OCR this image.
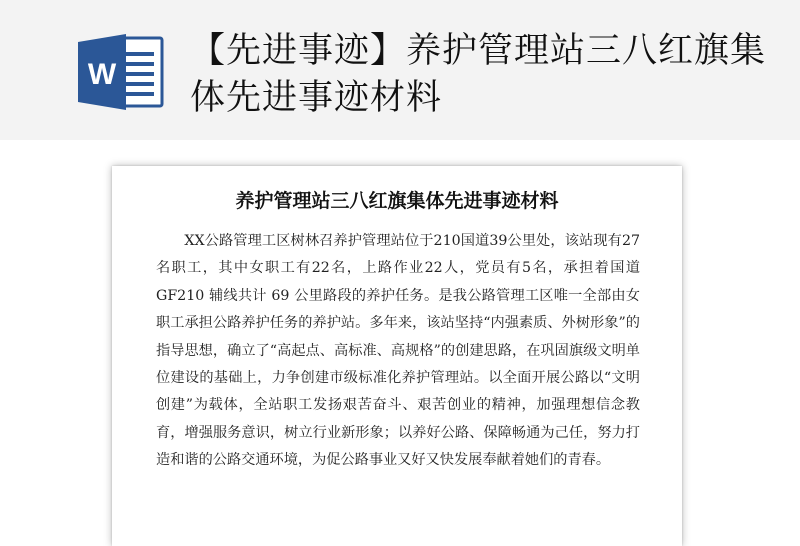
W
【先进事迹】养护管理站三八红旗集体先进事迹材料
养护管理站三八红旗集体先进事迹材料

XX公路管理工区树林召养护管理站位于210国道39公里处，该站现有27名职工，其中女职工有22名，上路作业22人，党员有5名，承担着国道 GF210 辅线共计 69 公里路段的养护任务。是我公路管理工区唯一全部由女职工承担公路养护任务的养护站。多年来，该站坚持“内强素质、外树形象”的指导思想，确立了“高起点、高标准、高规格”的创建思路，在巩固旗级文明单位建设的基础上，力争创建市级标准化养护管理站。以全面开展公路以“文明创建”为载体，全站职工发扬艰苦奋斗、艰苦创业的精神，加强理想信念教育，增强服务意识，树立行业新形象；以养好公路、保障畅通为己任，努力打造和谐的公路交通环境，为促公路事业又好又快发展奉献着她们的青春。
